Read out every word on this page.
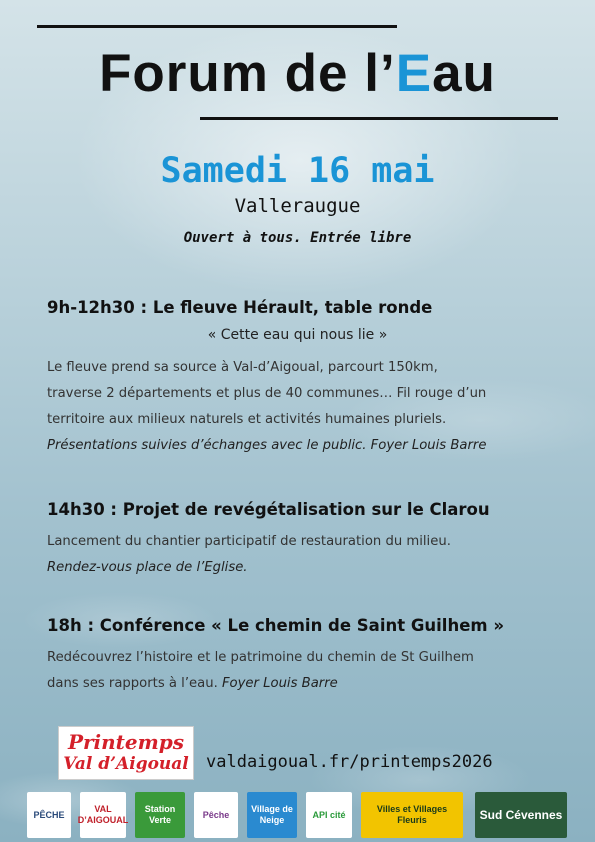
Forum de l’Eau
Samedi 16 mai
Valleraugue
Ouvert à tous. Entrée libre
9h-12h30 : Le fleuve Hérault, table ronde
« Cette eau qui nous lie »

Le fleuve prend sa source à Val-d’Aigoual, parcourt 150km,

traverse 2 départements et plus de 40 communes… Fil rouge d’un

territoire aux milieux naturels et activités humaines pluriels.

Présentations suivies d’échanges avec le public. Foyer Louis Barre

14h30 : Projet de revégétalisation sur le Clarou

Lancement du chantier participatif de restauration du milieu.

Rendez-vous place de l’Eglise.

18h : Conférence « Le chemin de Saint Guilhem »

Redécouvrez l’histoire et le patrimoine du chemin de St Guilhem

dans ses rapports à l’eau. Foyer Louis Barre

Printemps
Val d’Aigoual valdaigoual.fr/printemps2026
PÊCHE
VAL D’AIGOUAL
Station Verte
Pêche
Village de Neige
API cité
Villes et Villages Fleuris	Sud Cévennes
